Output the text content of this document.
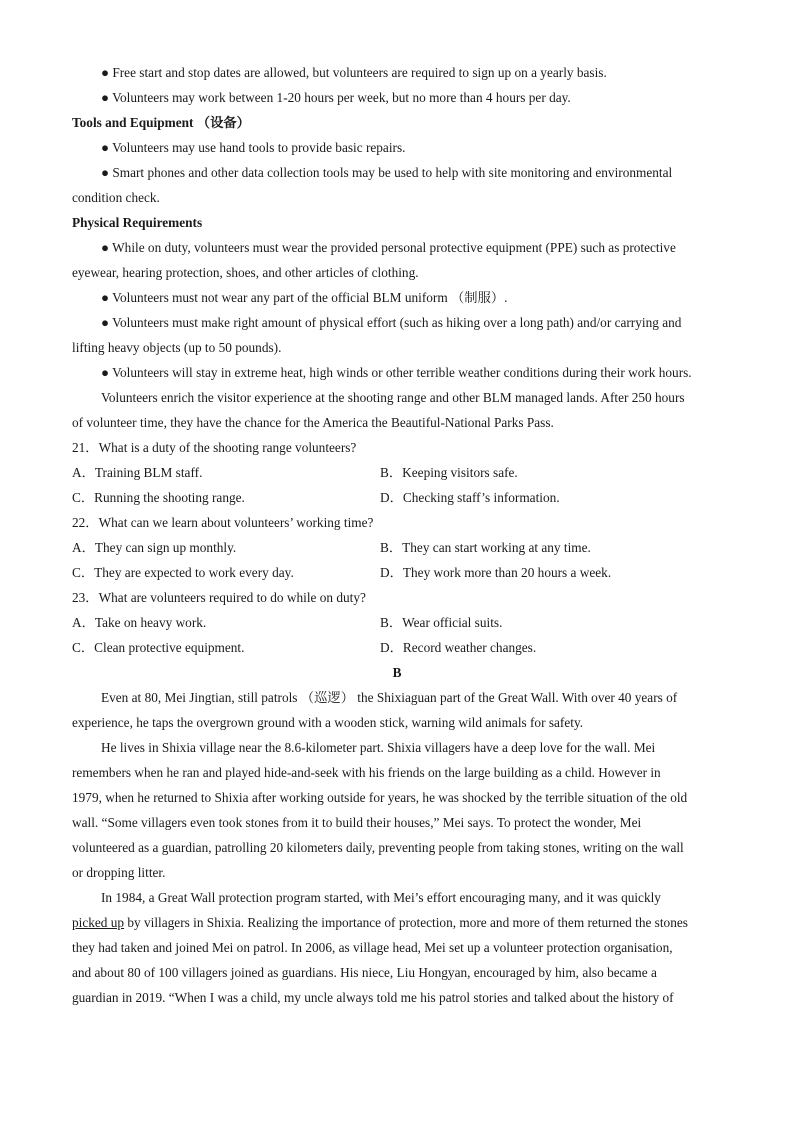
● Free start and stop dates are allowed, but volunteers are required to sign up on a yearly basis.
● Volunteers may work between 1-20 hours per week, but no more than 4 hours per day.
Tools and Equipment （设备）
● Volunteers may use hand tools to provide basic repairs.
● Smart phones and other data collection tools may be used to help with site monitoring and environmental
condition check.
Physical Requirements
● While on duty, volunteers must wear the provided personal protective equipment (PPE) such as protective
eyewear, hearing protection, shoes, and other articles of clothing.
● Volunteers must not wear any part of the official BLM uniform （制服）.
● Volunteers must make right amount of physical effort (such as hiking over a long path) and/or carrying and
lifting heavy objects (up to 50 pounds).
● Volunteers will stay in extreme heat, high winds or other terrible weather conditions during their work hours.
Volunteers enrich the visitor experience at the shooting range and other BLM managed lands. After 250 hours
of volunteer time, they have the chance for the America the Beautiful-National Parks Pass.
21．What is a duty of the shooting range volunteers?
A．Training BLM staff.	B．Keeping visitors safe.
C．Running the shooting range.	D．Checking staff’s information.
22．What can we learn about volunteers’ working time?
A．They can sign up monthly.	B．They can start working at any time.
C．They are expected to work every day.	D．They work more than 20 hours a week.
23．What are volunteers required to do while on duty?
A．Take on heavy work.	B．Wear official suits.
C．Clean protective equipment.	D．Record weather changes.
B
Even at 80, Mei Jingtian, still patrols （巡逻） the Shixiaguan part of the Great Wall. With over 40 years of
experience, he taps the overgrown ground with a wooden stick, warning wild animals for safety.
He lives in Shixia village near the 8.6-kilometer part. Shixia villagers have a deep love for the wall. Mei
remembers when he ran and played hide-and-seek with his friends on the large building as a child. However in
1979, when he returned to Shixia after working outside for years, he was shocked by the terrible situation of the old
wall. “Some villagers even took stones from it to build their houses,” Mei says. To protect the wonder, Mei
volunteered as a guardian, patrolling 20 kilometers daily, preventing people from taking stones, writing on the wall
or dropping litter.
In 1984, a Great Wall protection program started, with Mei’s effort encouraging many, and it was quickly
picked up by villagers in Shixia. Realizing the importance of protection, more and more of them returned the stones
they had taken and joined Mei on patrol. In 2006, as village head, Mei set up a volunteer protection organisation,
and about 80 of 100 villagers joined as guardians. His niece, Liu Hongyan, encouraged by him, also became a
guardian in 2019. “When I was a child, my uncle always told me his patrol stories and talked about the history of
